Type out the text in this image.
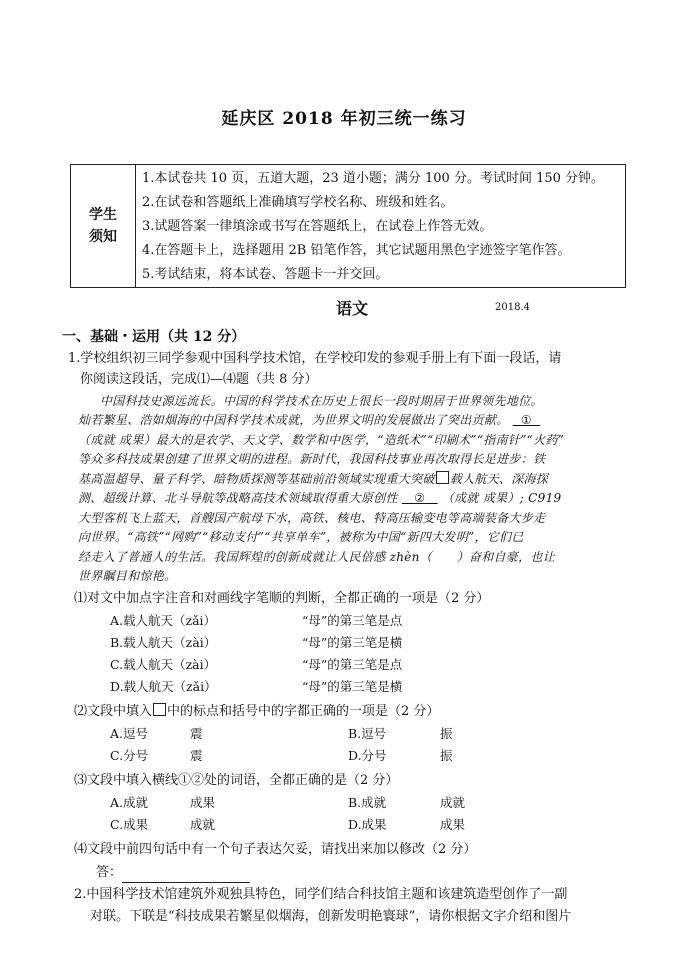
延庆区 2018 年初三统一练习
学生
须知

1.本试卷共 10 页，五道大题，23 道小题；满分 100 分。考试时间 150 分钟。
2.在试卷和答题纸上准确填写学校名称、班级和姓名。
3.试题答案一律填涂或书写在答题纸上，在试卷上作答无效。
4.在答题卡上，选择题用 2B 铅笔作答，其它试题用黑色字迹签字笔作答。
5.考试结束，将本试卷、答题卡一并交回。
语文	2018.4
一、基础・运用（共 12 分）
1.学校组织初三同学参观中国科学技术馆，在学校印发的参观手册上有下面一段话，请
你阅读这段话，完成⑴—⑷题（共 8 分）
中国科技史源远流长。中国的科学技术在历史上很长一段时期居于世界领先地位。
灿若繁星、浩如烟海的中国科学技术成就，为世界文明的发展做出了突出贡献。 ①
（成就 成果）最大的是农学、天文学、数学和中医学，“造纸术”“印刷术”“指南针”“火药”
等众多科技成果创建了世界文明的进程。新时代，我国科技事业再次取得长足进步：铁
基高温超导、量子科学、暗物质探测等基础前沿领域实现重大突破 载人航天、深海探
测、超级计算、北斗导航等战略高技术领域取得重大原创性 ② （成就 成果）; C919
大型客机飞上蓝天，首艘国产航母下水，高铁、核电、特高压输变电等高端装备大步走
向世界。“高铁”“网购”“移动支付”“共享单车”，被称为中国“新四大发明”，它们已
经走入了普通人的生活。我国辉煌的创新成就让人民倍感 zhèn（　　）奋和自豪，也让
世界瞩目和惊艳。
⑴对文中加点字注音和对画线字笔顺的判断，全都正确的一项是（2 分）
A.载人航天（zǎi）	“母”的第三笔是点
B.载人航天（zài）	“母”的第三笔是横
C.载人航天（zài）	“母”的第三笔是点
D.载人航天（zǎi）	“母”的第三笔是横
⑵文段中填入 中的标点和括号中的字都正确的一项是（2 分）
A.逗号	震	B.逗号	振
C.分号	震	D.分号	振
⑶文段中填入横线①②处的词语，全都正确的是（2 分）
A.成就	成果	B.成就	成就
C.成果	成就	D.成果	成果
⑷文段中前四句话中有一个句子表达欠妥，请找出来加以修改（2 分）
答：
2.中国科学技术馆建筑外观独具特色，同学们结合科技馆主题和该建筑造型创作了一副
对联。下联是“科技成果若繁星似烟海，创新发明艳寰球”，请你根据文字介绍和图片
